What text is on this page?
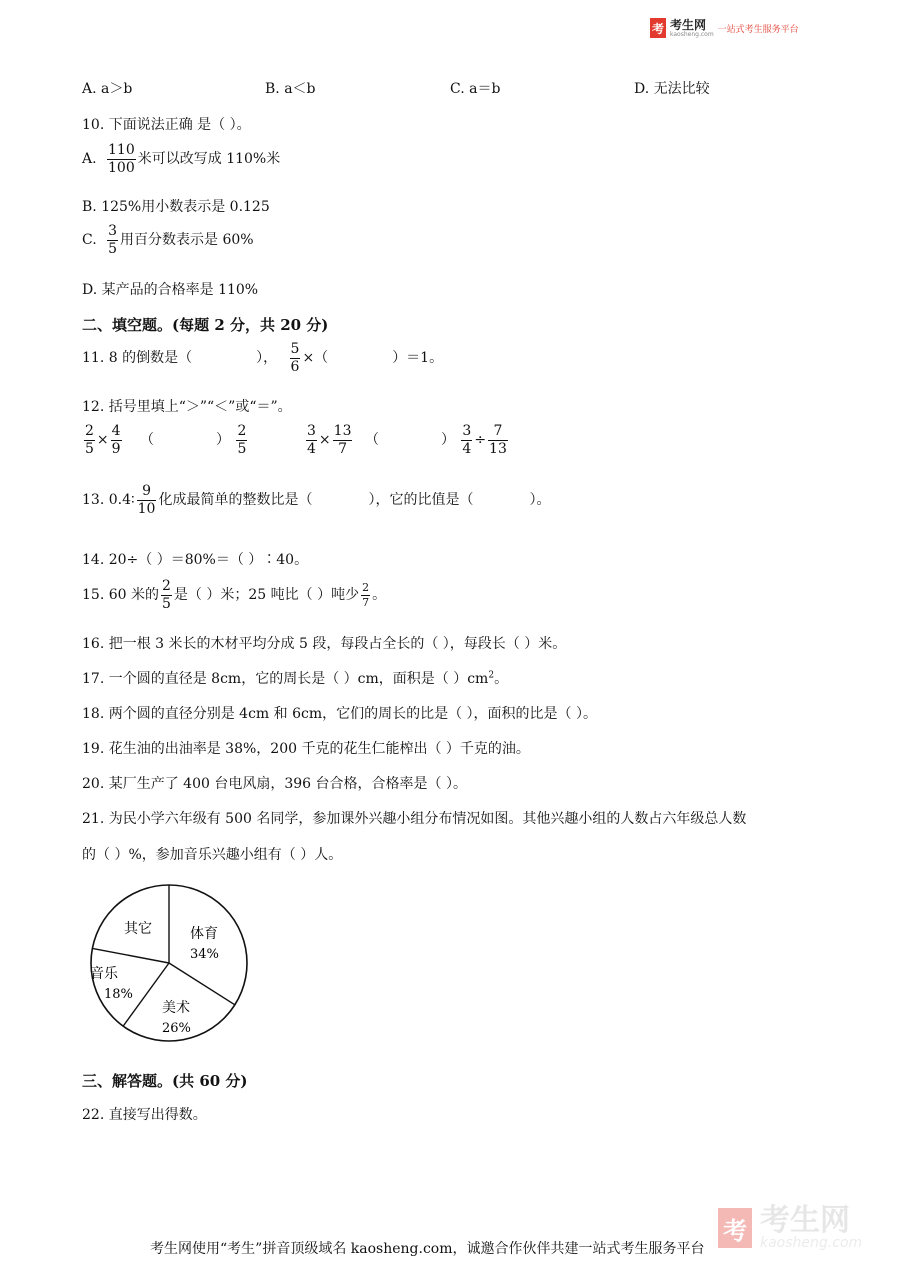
考 考生网
kaosheng.com 一站式考生服务平台
A. a＞b	B. a＜b	C. a＝b	D. 无法比较
10. 下面说法正确 是（ ）。
A. $\frac{110}{100}$ 米可以改写成 110%米
B. 125%用小数表示是 0.125
C. $\frac{3}{5}$ 用百分数表示是 60%
D. 某产品的合格率是 110%
二、填空题。(每题 2 分，共 20 分)
11. 8 的倒数是（	）， $\frac{5}{6}$ ×（	）＝1。
12. 括号里填上“＞”“＜”或“＝”。
$\frac{2}{5} \times \frac{4}{9}$ （	） $\frac{2}{5}$	$\frac{3}{4} \times \frac{13}{7}$ （	） $\frac{3}{4} \div \frac{7}{13}$
13. 0.4∶ $\frac{9}{10}$ 化成最简单的整数比是（	），它的比值是（	）。
14. 20÷（ ）＝80%＝（ ）∶40。
15. 60 米的 $\frac{2}{5}$ 是（ ）米；25 吨比（ ）吨少 $\frac{2}{7}$ 。
16. 把一根 3 米长的木材平均分成 5 段，每段占全长的（ ），每段长（ ）米。
17. 一个圆的直径是 8cm，它的周长是（ ）cm，面积是（ ）$cm^2$。
18. 两个圆的直径分别是 4cm 和 6cm，它们的周长的比是（ ），面积的比是（ ）。
19. 花生油的出油率是 38%，200 千克的花生仁能榨出（ ）千克的油。
20. 某厂生产了 400 台电风扇，396 台合格，合格率是（ ）。
21. 为民小学六年级有 500 名同学，参加课外兴趣小组分布情况如图。其他兴趣小组的人数占六年级总人数
的（ ）%，参加音乐兴趣小组有（ ）人。
其它	体育
34%
音乐
18%
美术
26%
三、解答题。(共 60 分)
22. 直接写出得数。
考生网使用“考生”拼音顶级域名 kaosheng.com，诚邀合作伙伴共建一站式考生服务平台
考 考生网
kaosheng.com
